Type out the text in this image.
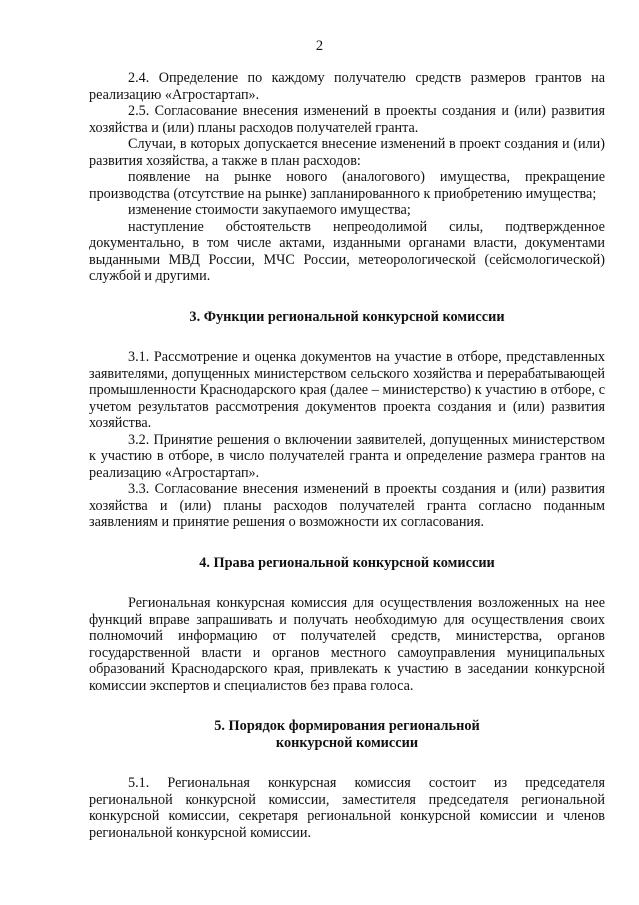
2

2.4. Определение по каждому получателю средств размеров грантов на реализацию «Агростартап».

2.5. Согласование внесения изменений в проекты создания и (или) развития хозяйства и (или) планы расходов получателей гранта.

Случаи, в которых допускается внесение изменений в проект создания и (или) развития хозяйства, а также в план расходов:

появление на рынке нового (аналогового) имущества, прекращение производства (отсутствие на рынке) запланированного к приобретению имущества;

изменение стоимости закупаемого имущества;

наступление обстоятельств непреодолимой силы, подтвержденное документально, в том числе актами, изданными органами власти, документами выданными МВД России, МЧС России, метеорологической (сейсмологической) службой и другими.

3. Функции региональной конкурсной комиссии

3.1. Рассмотрение и оценка документов на участие в отборе, представленных заявителями, допущенных министерством сельского хозяйства и перерабатывающей промышленности Краснодарского края (далее – министерство) к участию в отборе, с учетом результатов рассмотрения документов проекта создания и (или) развития хозяйства.

3.2. Принятие решения о включении заявителей, допущенных министерством к участию в отборе, в число получателей гранта и определение размера грантов на реализацию «Агростартап».

3.3. Согласование внесения изменений в проекты создания и (или) развития хозяйства и (или) планы расходов получателей гранта согласно поданным заявлениям и принятие решения о возможности их согласования.

4. Права региональной конкурсной комиссии

Региональная конкурсная комиссия для осуществления возложенных на нее функций вправе запрашивать и получать необходимую для осуществления своих полномочий информацию от получателей средств, министерства, органов государственной власти и органов местного самоуправления муниципальных образований Краснодарского края, привлекать к участию в заседании конкурсной комиссии экспертов и специалистов без права голоса.

5. Порядок формирования региональной
конкурсной комиссии

5.1. Региональная конкурсная комиссия состоит из председателя региональной конкурсной комиссии, заместителя председателя региональной конкурсной комиссии, секретаря региональной конкурсной комиссии и членов региональной конкурсной комиссии.
